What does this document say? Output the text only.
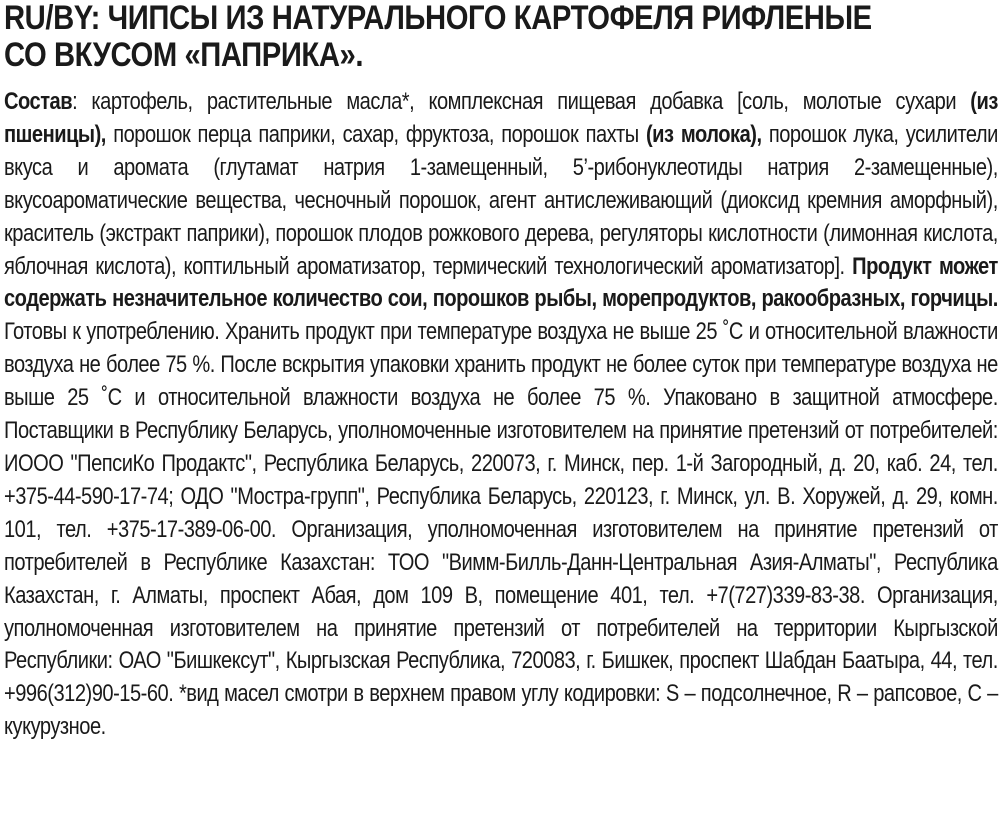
RU/BY: ЧИПСЫ ИЗ НАТУРАЛЬНОГО КАРТОФЕЛЯ РИФЛЕНЫЕ
СО ВКУСОМ «ПАПРИКА».

Состав: картофель, растительные масла*, комплексная пищевая добавка [соль, молотые сухари (из пшеницы), порошок перца паприки, сахар, фруктоза, порошок пахты (из молока), порошок лука, усилители вкуса и аромата (глутамат натрия 1-замещенный, 5’-рибонуклеотиды натрия 2-замещенные), вкусоароматические вещества, чесночный порошок, агент антислеживающий (диоксид кремния аморфный), краситель (экстракт паприки), порошок плодов рожкового дерева, регуляторы кислотности (лимонная кислота, яблочная кислота), коптильный ароматизатор, термический технологический ароматизатор]. Продукт может содержать незначительное количество сои, порошков рыбы, морепродуктов, ракообразных, горчицы. Готовы к употреблению. Хранить продукт при температуре воздуха не выше 25 ˚С и относительной влажности воздуха не более 75 %. После вскрытия упаковки хранить продукт не более суток при температуре воздуха не выше 25 ˚С и относительной влажности воздуха не более 75 %. Упаковано в защитной атмосфере. Поставщики в Республику Беларусь, уполномоченные изготовителем на принятие претензий от потребителей: ИООО "ПепсиКо Продактс", Республика Беларусь, 220073, г. Минск, пер. 1-й Загородный, д. 20, каб. 24, тел. +375-44-590-17-74; ОДО "Мостра-групп", Республика Беларусь, 220123, г. Минск, ул. В. Хоружей, д. 29, комн. 101, тел. +375-17-389-06-00. Организация, уполномоченная изготовителем на принятие претензий от потребителей в Республике Казахстан: ТОО "Вимм-Билль-Данн-Центральная Азия-Алматы", Республика Казахстан, г. Алматы, проспект Абая, дом 109 В, помещение 401, тел. +7(727)339-83-38. Организация, уполномоченная изготовителем на принятие претензий от потребителей на территории Кыргызской Республики: ОАО "Бишкексут", Кыргызская Республика, 720083, г. Бишкек, проспект Шабдан Баатыра, 44, тел. +996(312)90-15-60. *вид масел смотри в верхнем правом углу кодировки: S – подсолнечное, R – рапсовое, С – кукурузное.
